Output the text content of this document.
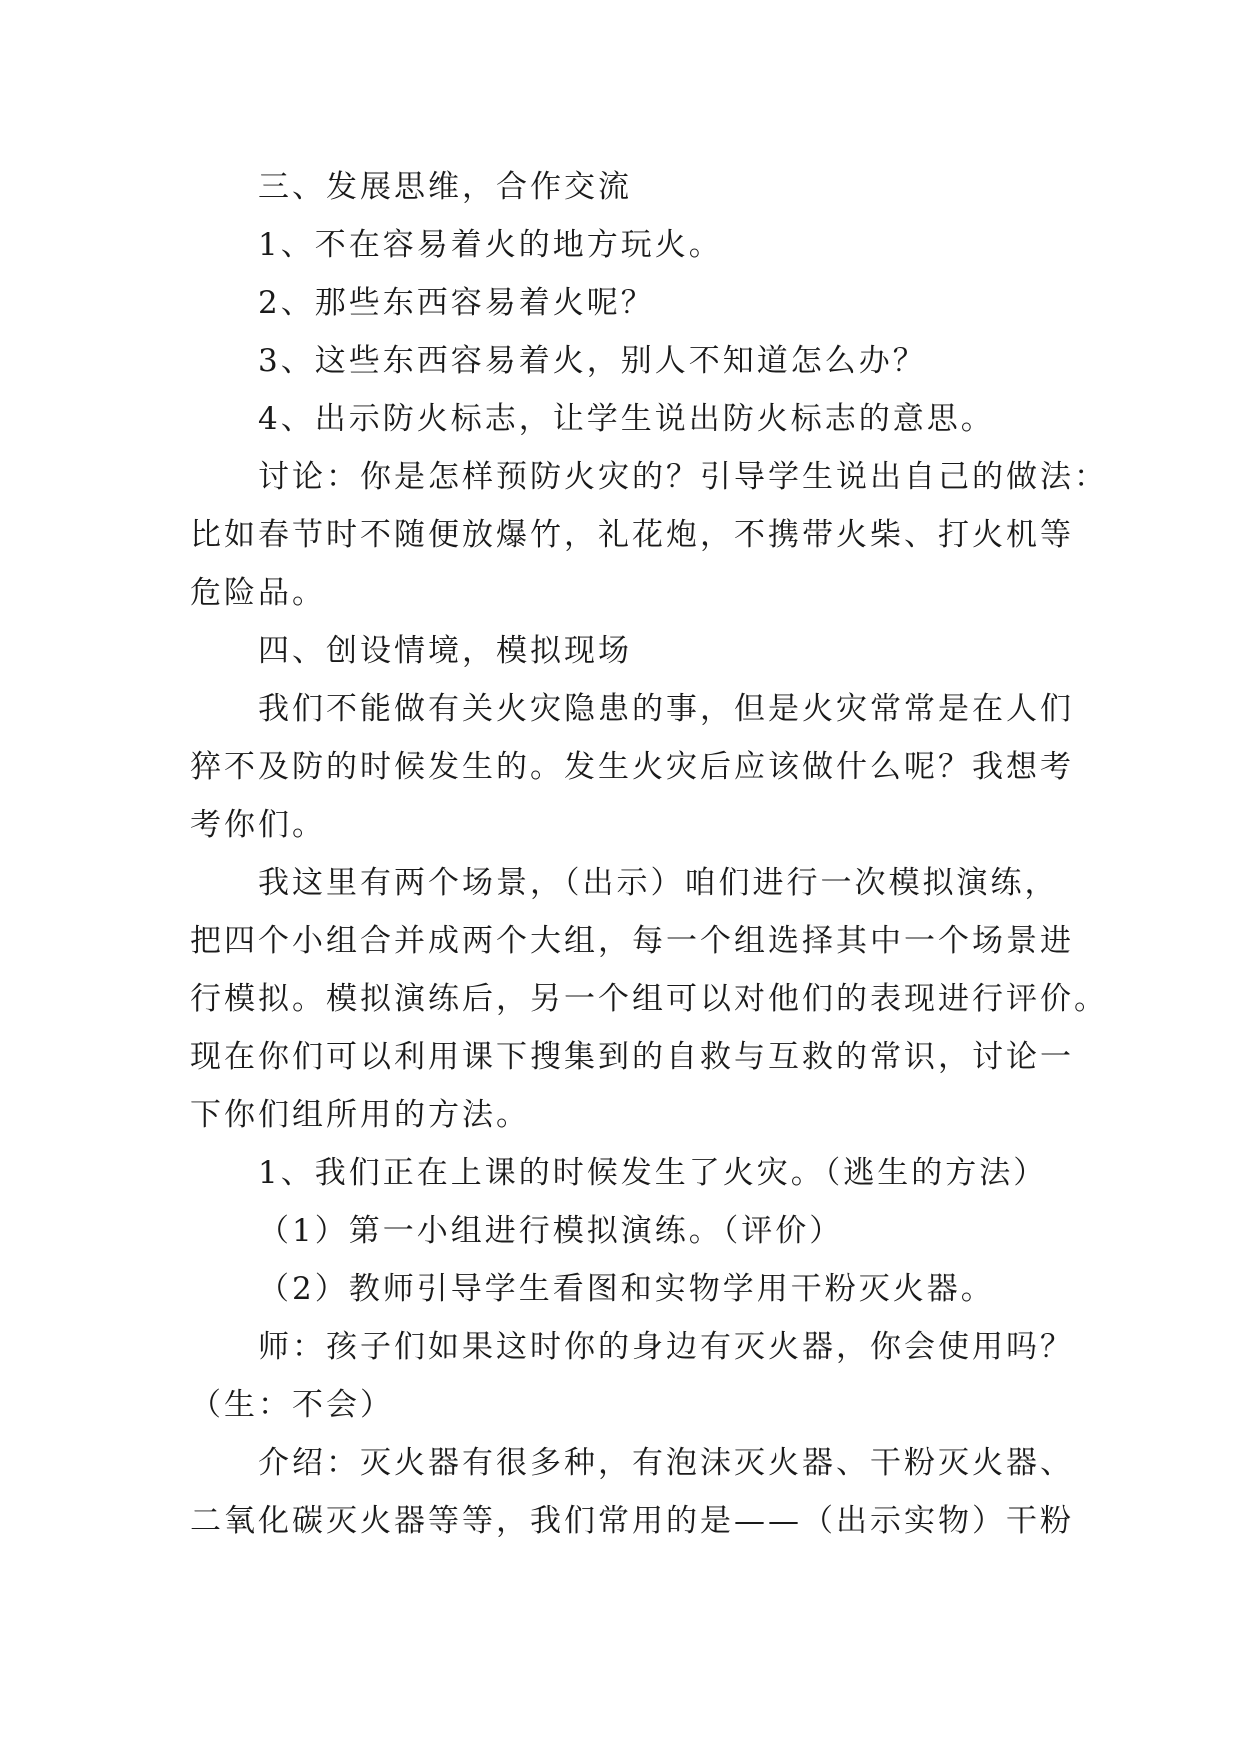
三、发展思维，合作交流
1、不在容易着火的地方玩火。
2、那些东西容易着火呢？
3、这些东西容易着火，别人不知道怎么办？
4、出示防火标志，让学生说出防火标志的意思。
讨论：你是怎样预防火灾的？引导学生说出自己的做法：
比如春节时不随便放爆竹，礼花炮，不携带火柴、打火机等
危险品。
四、创设情境，模拟现场
我们不能做有关火灾隐患的事，但是火灾常常是在人们
猝不及防的时候发生的。发生火灾后应该做什么呢？我想考
考你们。
我这里有两个场景，（出示）咱们进行一次模拟演练，
把四个小组合并成两个大组，每一个组选择其中一个场景进
行模拟。模拟演练后，另一个组可以对他们的表现进行评价。
现在你们可以利用课下搜集到的自救与互救的常识，讨论一
下你们组所用的方法。
1、我们正在上课的时候发生了火灾。（逃生的方法）
（1）第一小组进行模拟演练。（评价）
（2）教师引导学生看图和实物学用干粉灭火器。
师：孩子们如果这时你的身边有灭火器，你会使用吗？
（生：不会）
介绍：灭火器有很多种，有泡沫灭火器、干粉灭火器、
二氧化碳灭火器等等，我们常用的是——（出示实物）干粉
